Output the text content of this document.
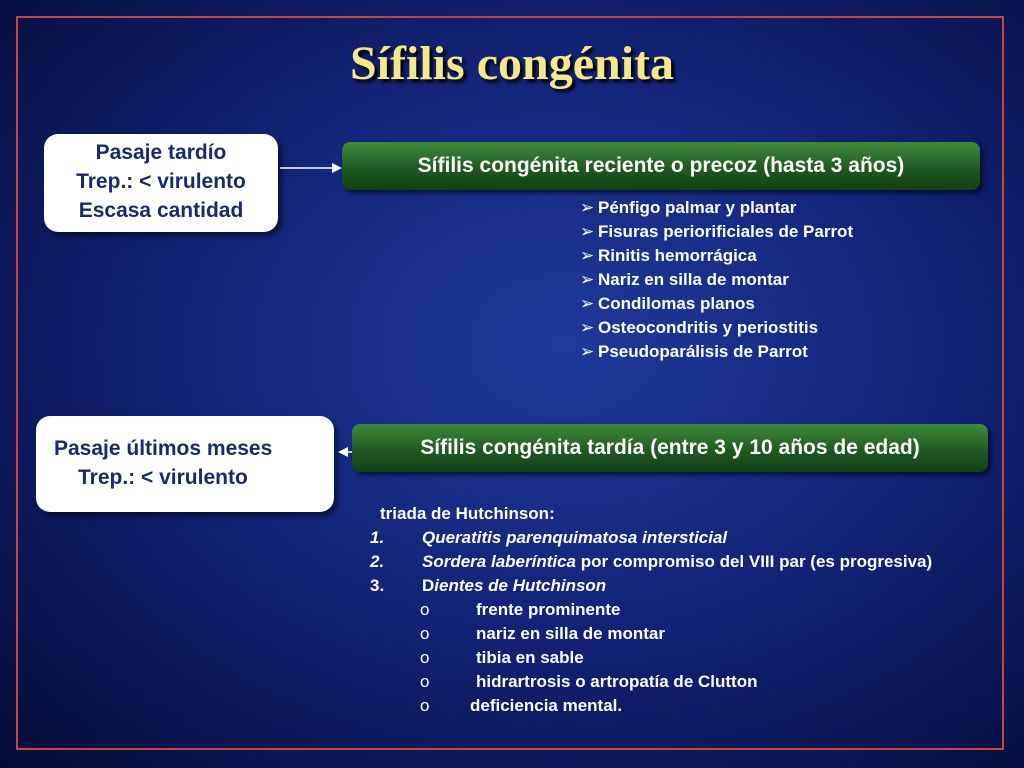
Sífilis congénita
Pasaje tardío
Trep.: < virulento
Escasa cantidad
Sífilis congénita reciente o precoz (hasta 3 años)
➢ Pénfigo palmar y plantar
➢ Fisuras periorificiales de Parrot
➢ Rinitis hemorrágica
➢ Nariz en silla de montar
➢ Condilomas planos
➢ Osteocondritis y periostitis
➢ Pseudoparálisis de Parrot
Pasaje últimos meses
Trep.: < virulento
Sífilis congénita tardía (entre 3 y 10 años de edad)
triada de Hutchinson:
1. Queratitis parenquimatosa intersticial
2. Sordera laberíntica por compromiso del VIII par (es progresiva)
3. Dientes de Hutchinson
o	frente prominente
o	nariz en silla de montar
o	tibia en sable
o	hidrartrosis o artropatía de Clutton
o deficiencia mental.
